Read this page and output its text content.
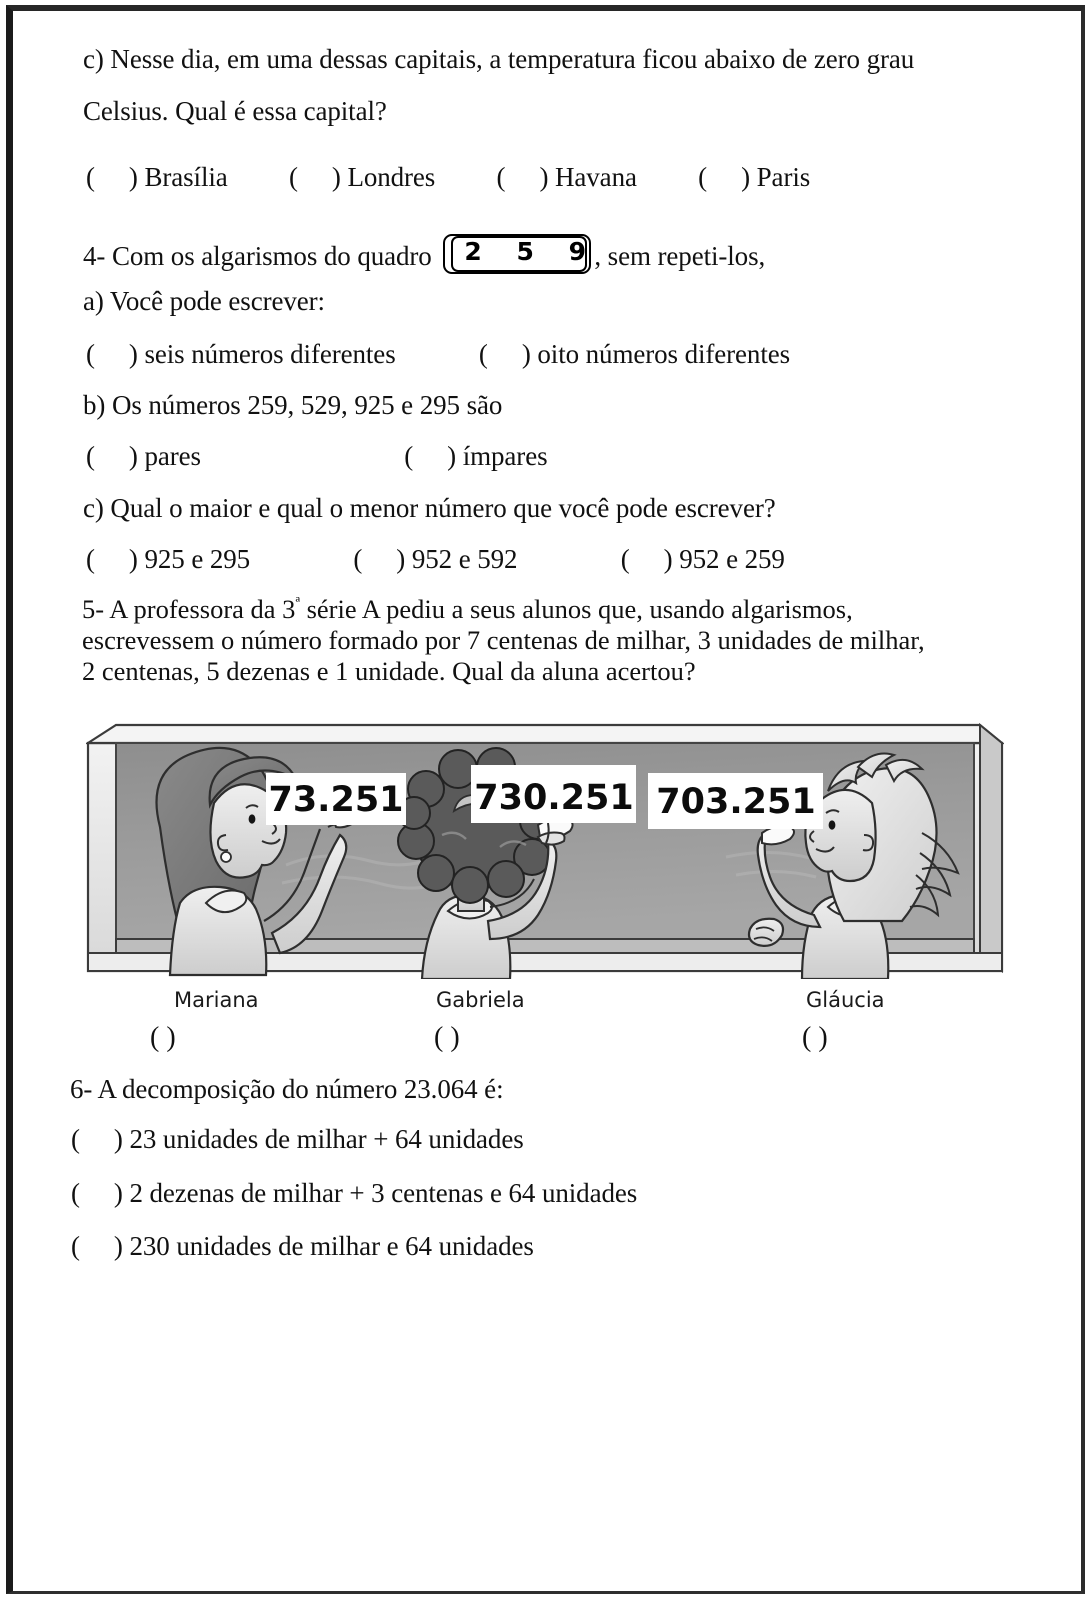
c) Nesse dia, em uma dessas capitais, a temperatura ficou abaixo de zero grau
Celsius. Qual é essa capital?
( ) Brasília ( ) Londres ( ) Havana ( ) Paris
4- Com os algarismos do quadro	2 5 9
, sem repeti-los,
a) Você pode escrever:
( ) seis números diferentes	( ) oito números diferentes
b) Os números 259, 529, 925 e 295 são
( ) pares	( ) ímpares
c) Qual o maior e qual o menor número que você pode escrever?
( ) 925 e 295	( ) 952 e 592	( ) 952 e 259
5- A professora da $3^ª$ série A pediu a seus alunos que, usando algarismos,
escrevessem o número formado por 7 centenas de milhar, 3 unidades de milhar,
2 centenas, 5 dezenas e 1 unidade. Qual da aluna acertou?
73.251 730.251 703.251
Mariana	Gabriela	Gláucia
( )	( )	( )
6- A decomposição do número 23.064 é:
( ) 23 unidades de milhar + 64 unidades
( ) 2 dezenas de milhar + 3 centenas e 64 unidades
( ) 230 unidades de milhar e 64 unidades
